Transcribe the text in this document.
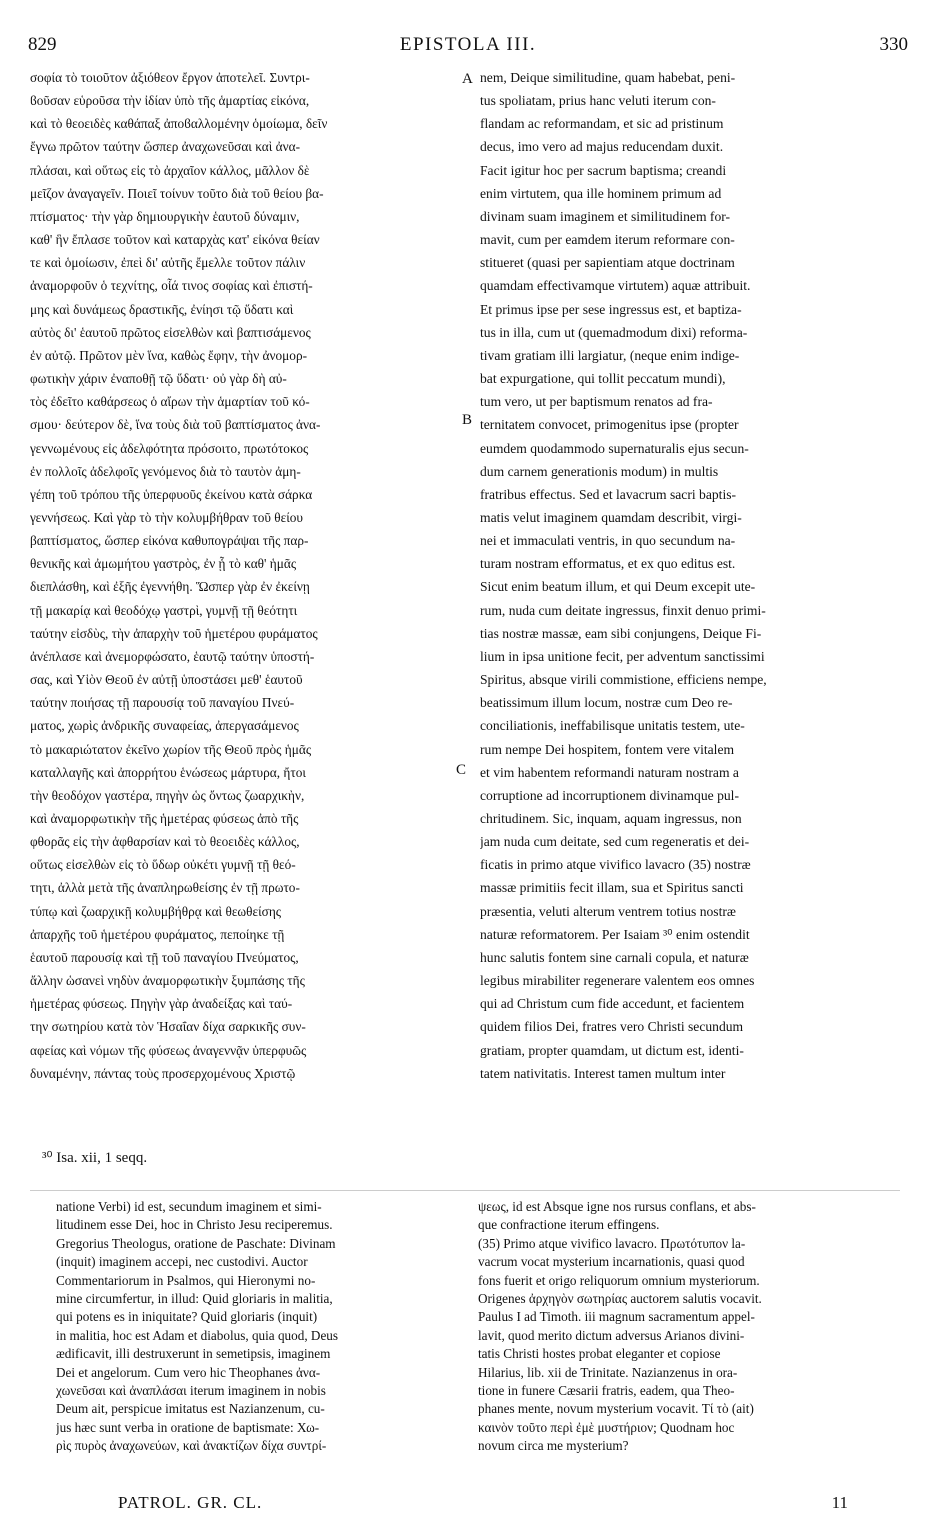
829	EPISTOLA III.	330
σοφία τὸ τοιοῦτον ἀξιόθεον ἔργον ἀποτελεῖ. Συντρι-
ϐοῦσαν εὑροῦσα τὴν ἰδίαν ὑπὸ τῆς ἁμαρτίας εἰκόνα,
καὶ τὸ θεοειδὲς καθάπαξ ἀποϐαλλομένην ὁμοίωμα, δεῖν
ἔγνω πρῶτον ταύτην ὥσπερ ἀναχωνεῦσαι καὶ ἀνα-
πλάσαι, καὶ οὕτως εἰς τὸ ἀρχαῖον κάλλος, μᾶλλον δὲ
μεῖζον ἀναγαγεῖν. Ποιεῖ τοίνυν τοῦτο διὰ τοῦ θείου βα-
πτίσματος· τὴν γὰρ δημιουργικὴν ἑαυτοῦ δύναμιν,
καθ' ἣν ἔπλασε τοῦτον καὶ καταρχὰς κατ' εἰκόνα θείαν
τε καὶ ὁμοίωσιν, ἐπεὶ δι' αὐτῆς ἔμελλε τοῦτον πάλιν
ἀναμορφοῦν ὁ τεχνίτης, οἷά τινος σοφίας καὶ ἐπιστή-
μης καὶ δυνάμεως δραστικῆς, ἐνίησι τῷ ὕδατι καὶ
αὐτὸς δι' ἑαυτοῦ πρῶτος εἰσελθὼν καὶ βαπτισάμενος
ἐν αὐτῷ. Πρῶτον μὲν ἵνα, καθὼς ἔφην, τὴν ἀνομορ-
φωτικὴν χάριν ἐναποθῇ τῷ ὕδατι· οὐ γὰρ δὴ αὐ-
τὸς ἐδεῖτο καθάρσεως ὁ αἴρων τὴν ἁμαρτίαν τοῦ κό-
σμου· δεύτερον δὲ, ἵνα τοὺς διὰ τοῦ βαπτίσματος ἀνα-
γεννωμένους εἰς ἀδελφότητα πρόσοιτο, πρωτότοκος
ἐν πολλοῖς ἀδελφοῖς γενόμενος διὰ τὸ ταυτὸν ἀμη-
γέπη τοῦ τρόπου τῆς ὑπερφυοῦς ἐκείνου κατὰ σάρκα
γεννήσεως. Καὶ γὰρ τὸ τὴν κολυμβήθραν τοῦ θείου
βαπτίσματος, ὥσπερ εἰκόνα καθυπογράψαι τῆς παρ-
θενικῆς καὶ ἀμωμήτου γαστρὸς, ἐν ᾗ τὸ καθ' ἡμᾶς
διεπλάσθη, καὶ ἐξῆς ἐγεννήθη. Ὥσπερ γὰρ ἐν ἐκείνῃ
τῇ μακαρίᾳ καὶ θεοδόχῳ γαστρὶ, γυμνῇ τῇ θεότητι
ταύτην εἰσδὺς, τὴν ἀπαρχὴν τοῦ ἡμετέρου φυράματος
ἀνέπλασε καὶ ἀνεμορφώσατο, ἑαυτῷ ταύτην ὑποστή-
σας, καὶ Υἱὸν Θεοῦ ἐν αὐτῇ ὑποστάσει μεθ' ἑαυτοῦ
ταύτην ποιήσας τῇ παρουσίᾳ τοῦ παναγίου Πνεύ-
ματος, χωρὶς ἀνδρικῆς συναφείας, ἀπεργασάμενος
τὸ μακαριώτατον ἐκεῖνο χωρίον τῆς Θεοῦ πρὸς ἡμᾶς
καταλλαγῆς καὶ ἀπορρήτου ἑνώσεως μάρτυρα, ἤτοι
τὴν θεοδόχον γαστέρα, πηγὴν ὡς ὄντως ζωαρχικὴν,
καὶ ἀναμορφωτικὴν τῆς ἡμετέρας φύσεως ἀπὸ τῆς
φθορᾶς εἰς τὴν ἀφθαρσίαν καὶ τὸ θεοειδὲς κάλλος,
οὕτως εἰσελθὼν εἰς τὸ ὕδωρ οὐκέτι γυμνῇ τῇ θεό-
τητι, ἀλλὰ μετὰ τῆς ἀναπληρωθείσης ἐν τῇ πρωτο-
τύπῳ καὶ ζωαρχικῇ κολυμβήθρᾳ καὶ θεωθείσης
ἀπαρχῆς τοῦ ἡμετέρου φυράματος, πεποίηκε τῇ
ἑαυτοῦ παρουσίᾳ καὶ τῇ τοῦ παναγίου Πνεύματος,
ἄλλην ὡσανεὶ νηδὺν ἀναμορφωτικὴν ξυμπάσης τῆς
ἡμετέρας φύσεως. Πηγὴν γὰρ ἀναδείξας καὶ ταύ-
την σωτηρίου κατὰ τὸν Ἡσαΐαν δίχα σαρκικῆς συν-
αφείας καὶ νόμων τῆς φύσεως ἀναγεννᾷν ὑπερφυῶς
δυναμένην, πάντας τοὺς προσερχομένους Χριστῷ
nem, Deique similitudine, quam habebat, peni-
tus spoliatam, prius hanc veluti iterum con-
flandam ac reformandam, et sic ad pristinum
decus, imo vero ad majus reducendam duxit.
Facit igitur hoc per sacrum baptisma; creandi
enim virtutem, qua ille hominem primum ad
divinam suam imaginem et similitudinem for-
mavit, cum per eamdem iterum reformare con-
stitueret (quasi per sapientiam atque doctrinam
quamdam effectivamque virtutem) aquæ attribuit.
Et primus ipse per sese ingressus est, et baptiza-
tus in illa, cum ut (quemadmodum dixi) reforma-
tivam gratiam illi largiatur, (neque enim indige-
bat expurgatione, qui tollit peccatum mundi),
tum vero, ut per baptismum renatos ad fra-
ternitatem convocet, primogenitus ipse (propter
eumdem quodammodo supernaturalis ejus secun-
dum carnem generationis modum) in multis
fratribus effectus. Sed et lavacrum sacri baptis-
matis velut imaginem quamdam describit, virgi-
nei et immaculati ventris, in quo secundum na-
turam nostram efformatus, et ex quo editus est.
Sicut enim beatum illum, et qui Deum excepit ute-
rum, nuda cum deitate ingressus, finxit denuo primi-
tias nostræ massæ, eam sibi conjungens, Deique Fi-
lium in ipsa unitione fecit, per adventum sanctissimi
Spiritus, absque virili commistione, efficiens nempe,
beatissimum illum locum, nostræ cum Deo re-
conciliationis, ineffabilisque unitatis testem, ute-
rum nempe Dei hospitem, fontem vere vitalem
et vim habentem reformandi naturam nostram a
corruptione ad incorruptionem divinamque pul-
chritudinem. Sic, inquam, aquam ingressus, non
jam nuda cum deitate, sed cum regeneratis et dei-
ficatis in primo atque vivifico lavacro (35) nostræ
massæ primitiis fecit illam, sua et Spiritus sancti
præsentia, veluti alterum ventrem totius nostræ
naturæ reformatorem. Per Isaiam ³⁰ enim ostendit
hunc salutis fontem sine carnali copula, et naturæ
legibus mirabiliter regenerare valentem eos omnes
qui ad Christum cum fide accedunt, et facientem
quidem filios Dei, fratres vero Christi secundum
gratiam, propter quamdam, ut dictum est, identi-
tatem nativitatis. Interest tamen multum inter
A
B
C
³⁰ Isa. xii, 1 seqq.
natione Verbi) id est, secundum imaginem et simi-
litudinem esse Dei, hoc in Christo Jesu reciperemus.
Gregorius Theologus, oratione de Paschate: Divinam
(inquit) imaginem accepi, nec custodivi. Auctor
Commentariorum in Psalmos, qui Hieronymi no-
mine circumfertur, in illud: Quid gloriaris in malitia,
qui potens es in iniquitate? Quid gloriaris (inquit)
in malitia, hoc est Adam et diabolus, quia quod, Deus
ædificavit, illi destruxerunt in semetipsis, imaginem
Dei et angelorum. Cum vero hic Theophanes ἀνα-
χωνεῦσαι καὶ ἀναπλάσαι iterum imaginem in nobis
Deum ait, perspicue imitatus est Nazianzenum, cu-
jus hæc sunt verba in oratione de baptismate: Χω-
ρὶς πυρὸς ἀναχωνεύων, καὶ ἀνακτίζων δίχα συντρί-
ψεως, id est Absque igne nos rursus conflans, et abs-
que confractione iterum effingens.
(35) Primo atque vivifico lavacro. Πρωτότυπον la-
vacrum vocat mysterium incarnationis, quasi quod
fons fuerit et origo reliquorum omnium mysteriorum.
Origenes ἀρχηγὸν σωτηρίας auctorem salutis vocavit.
Paulus I ad Timoth. iii magnum sacramentum appel-
lavit, quod merito dictum adversus Arianos divini-
tatis Christi hostes probat eleganter et copiose
Hilarius, lib. xii de Trinitate. Nazianzenus in ora-
tione in funere Cæsarii fratris, eadem, qua Theo-
phanes mente, novum mysterium vocavit. Τί τὸ (ait)
καινὸν τοῦτο περὶ ἐμὲ μυστήριον; Quodnam hoc
novum circa me mysterium?
PATROL. GR. CL.	11
